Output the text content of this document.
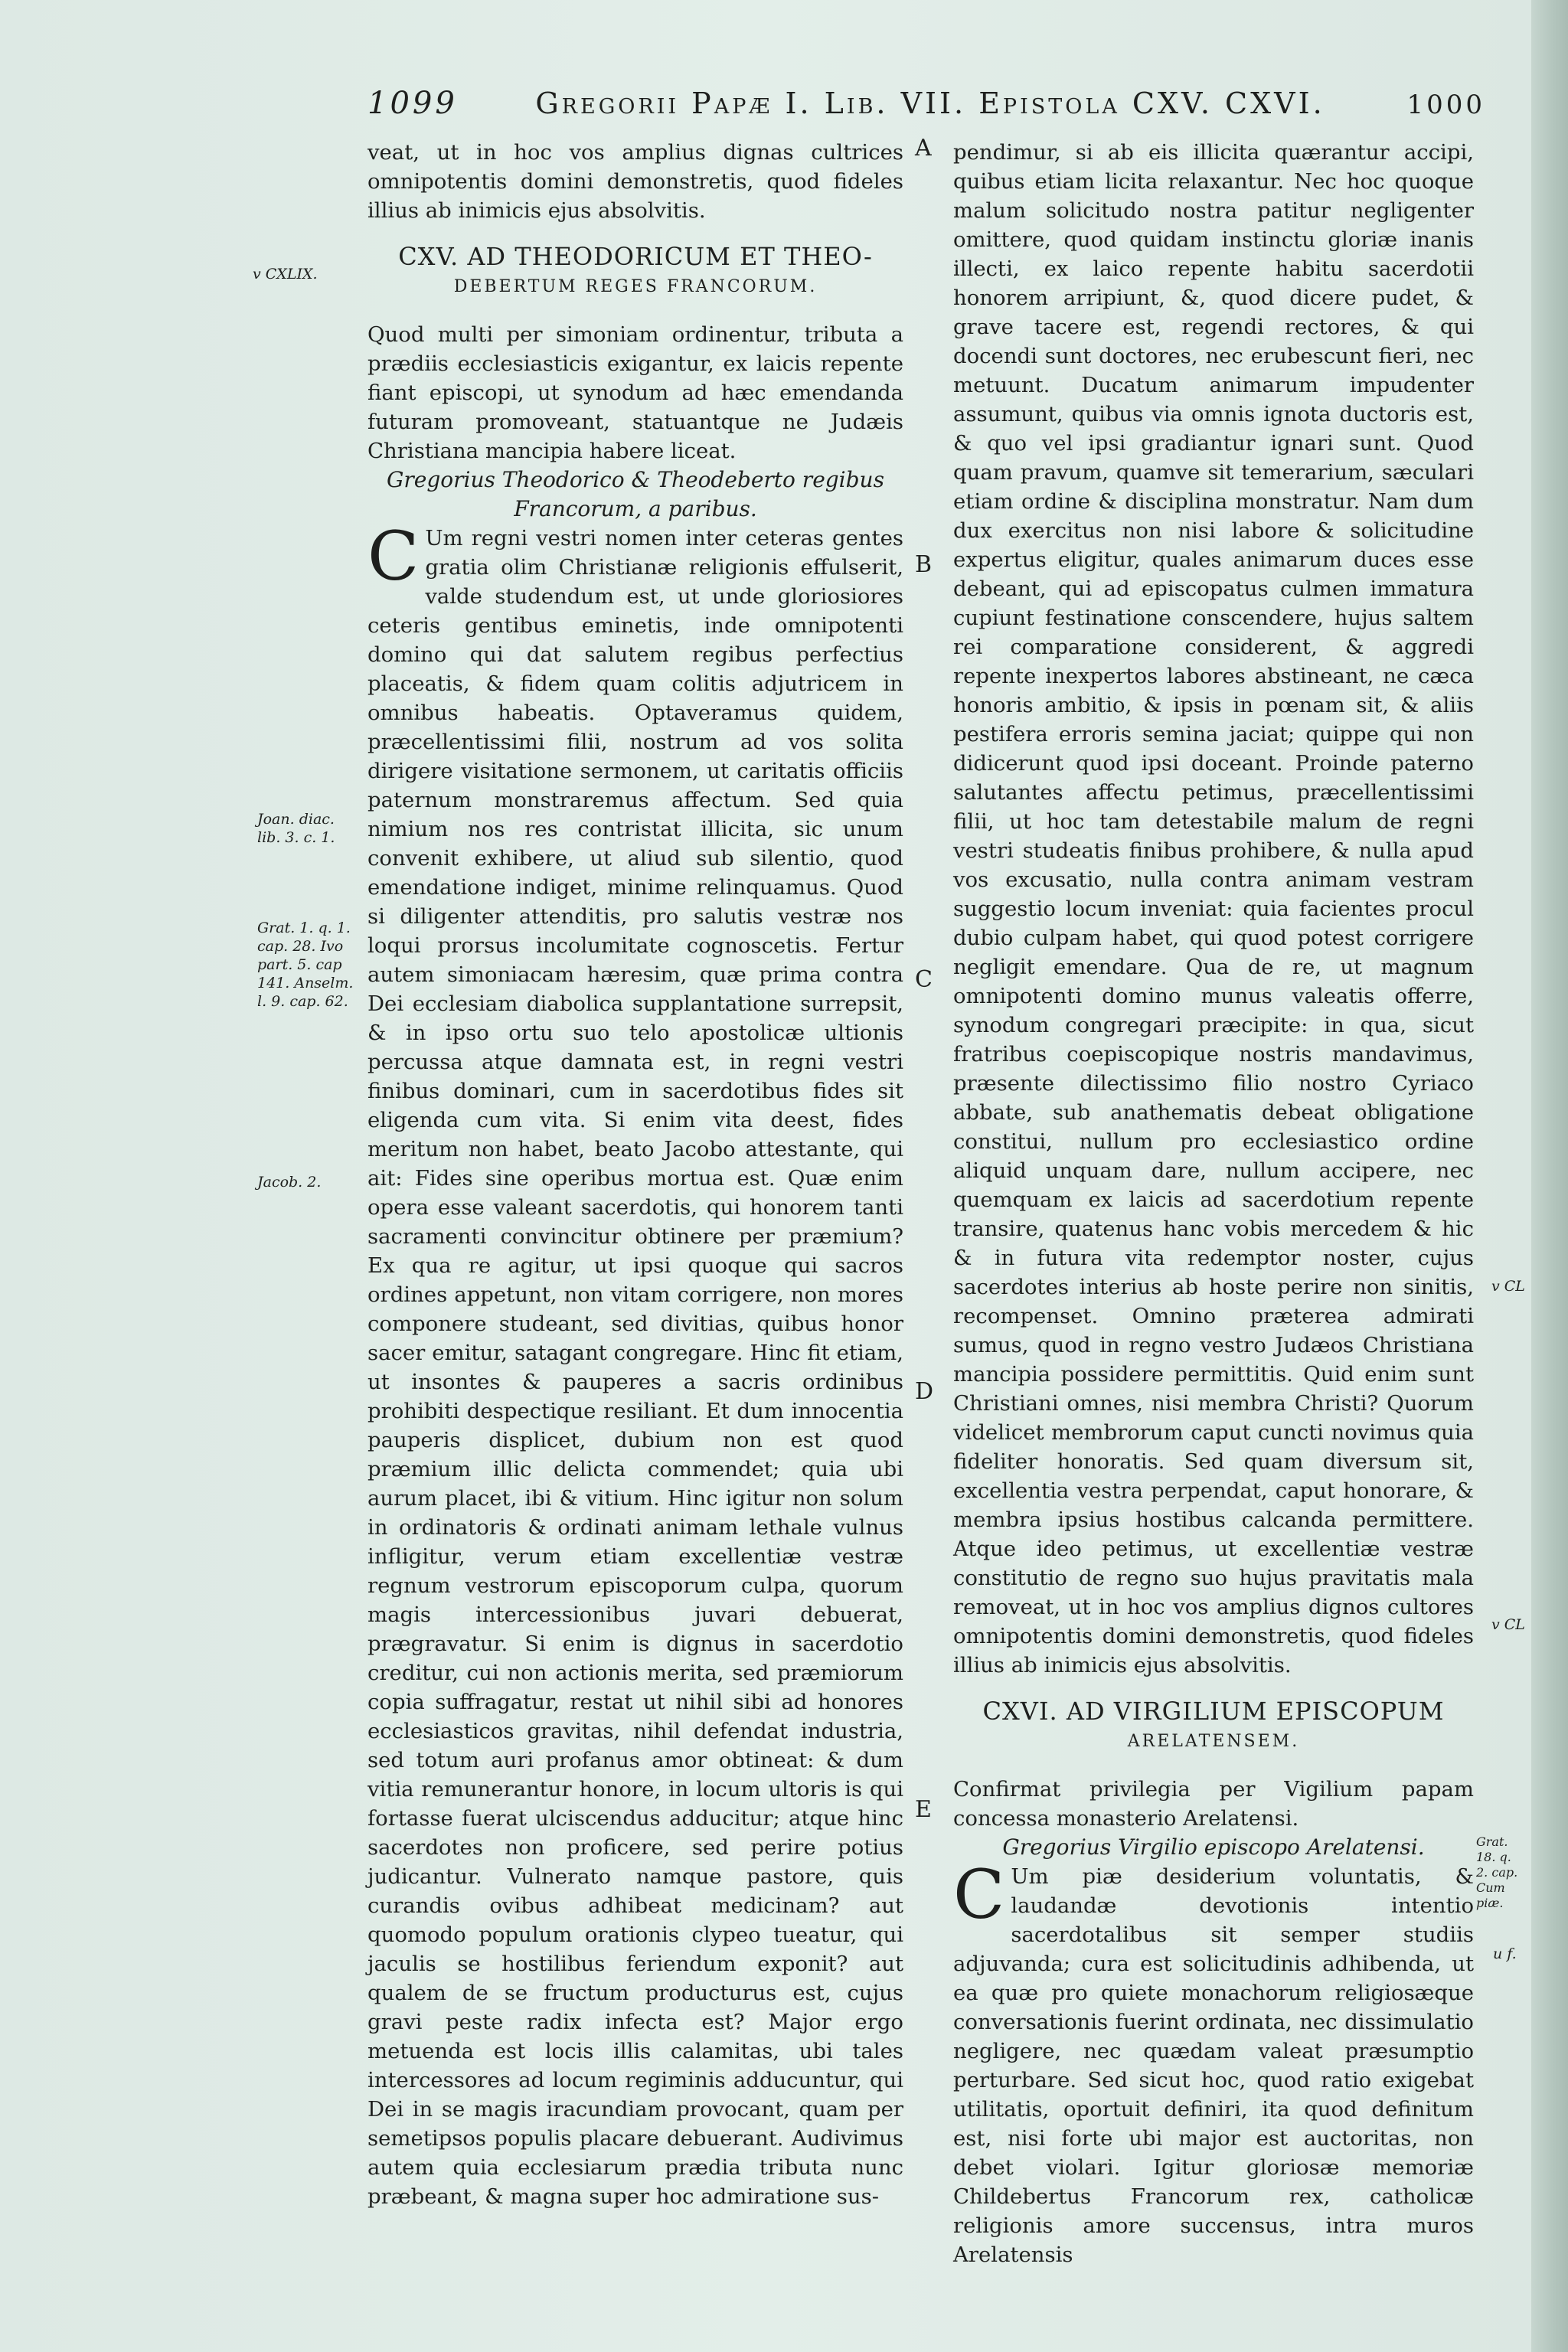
1099	Gregorii Papæ I. Lib. VII. Epistola CXV. CXVI.	1000
v CXLIX.
Joan. diac. lib. 3. c. 1.
Grat. 1. q. 1. cap. 28. Ivo part. 5. cap 141. Anselm. l. 9. cap. 62.
Jacob. 2.
v CL
v CL
Grat. 18. q. 2. cap. Cum piæ.
u f.
A
B
C
D
E

veat, ut in hoc vos amplius dignas cultrices omnipotentis domini demonstretis, quod fideles illius ab inimicis ejus absolvitis.

CXV. AD THEODORICUM ET THEO-
DEBERTUM REGES FRANCORUM.

Quod multi per simoniam ordinentur, tributa a prædiis ecclesiasticis exigantur, ex laicis repente fiant episcopi, ut synodum ad hæc emendanda futuram promoveant, statuantque ne Judæis Christiana mancipia habere liceat.

Gregorius Theodorico & Theodeberto regibus Francorum, a paribus.

C Um regni vestri nomen inter ceteras gentes gratia olim Christianæ religionis effulserit, valde studendum est, ut unde gloriosiores ceteris gentibus eminetis, inde omnipotenti domino qui dat salutem regibus perfectius placeatis, & fidem quam colitis adjutricem in omnibus habeatis. Optaveramus quidem, præcellentissimi filii, nostrum ad vos solita dirigere visitatione sermonem, ut caritatis officiis paternum monstraremus affectum. Sed quia nimium nos res contristat illicita, sic unum convenit exhibere, ut aliud sub silentio, quod emendatione indiget, minime relinquamus. Quod si diligenter attenditis, pro salutis vestræ nos loqui prorsus incolumitate cognoscetis. Fertur autem simoniacam hæresim, quæ prima contra Dei ecclesiam diabolica supplantatione surrepsit, & in ipso ortu suo telo apostolicæ ultionis percussa atque damnata est, in regni vestri finibus dominari, cum in sacerdotibus fides sit eligenda cum vita. Si enim vita deest, fides meritum non habet, beato Jacobo attestante, qui ait: Fides sine operibus mortua est. Quæ enim opera esse valeant sacerdotis, qui honorem tanti sacramenti convincitur obtinere per præmium? Ex qua re agitur, ut ipsi quoque qui sacros ordines appetunt, non vitam corrigere, non mores componere studeant, sed divitias, quibus honor sacer emitur, satagant congregare. Hinc fit etiam, ut insontes & pauperes a sacris ordinibus prohibiti despectique resiliant. Et dum innocentia pauperis displicet, dubium non est quod præmium illic delicta commendet; quia ubi aurum placet, ibi & vitium. Hinc igitur non solum in ordinatoris & ordinati animam lethale vulnus infligitur, verum etiam excellentiæ vestræ regnum vestrorum episcoporum culpa, quorum magis intercessionibus juvari debuerat, prægravatur. Si enim is dignus in sacerdotio creditur, cui non actionis merita, sed præmiorum copia suffragatur, restat ut nihil sibi ad honores ecclesiasticos gravitas, nihil defendat industria, sed totum auri profanus amor obtineat: & dum vitia remunerantur honore, in locum ultoris is qui fortasse fuerat ulciscendus adducitur; atque hinc sacerdotes non proficere, sed perire potius judicantur. Vulnerato namque pastore, quis curandis ovibus adhibeat medicinam? aut quomodo populum orationis clypeo tueatur, qui jaculis se hostilibus feriendum exponit? aut qualem de se fructum producturus est, cujus gravi peste radix infecta est? Major ergo metuenda est locis illis calamitas, ubi tales intercessores ad locum regiminis adducuntur, qui Dei in se magis iracundiam provocant, quam per semetipsos populis placare debuerant. Audivimus autem quia ecclesiarum prædia tributa nunc præbeant, & magna super hoc admiratione sus-

pendimur, si ab eis illicita quærantur accipi, quibus etiam licita relaxantur. Nec hoc quoque malum solicitudo nostra patitur negligenter omittere, quod quidam instinctu gloriæ inanis illecti, ex laico repente habitu sacerdotii honorem arripiunt, &, quod dicere pudet, & grave tacere est, regendi rectores, & qui docendi sunt doctores, nec erubescunt fieri, nec metuunt. Ducatum animarum impudenter assumunt, quibus via omnis ignota ductoris est, & quo vel ipsi gradiantur ignari sunt. Quod quam pravum, quamve sit temerarium, sæculari etiam ordine & disciplina monstratur. Nam dum dux exercitus non nisi labore & solicitudine expertus eligitur, quales animarum duces esse debeant, qui ad episcopatus culmen immatura cupiunt festinatione conscendere, hujus saltem rei comparatione considerent, & aggredi repente inexpertos labores abstineant, ne cæca honoris ambitio, & ipsis in pœnam sit, & aliis pestifera erroris semina jaciat; quippe qui non didicerunt quod ipsi doceant. Proinde paterno salutantes affectu petimus, præcellentissimi filii, ut hoc tam detestabile malum de regni vestri studeatis finibus prohibere, & nulla apud vos excusatio, nulla contra animam vestram suggestio locum inveniat: quia facientes procul dubio culpam habet, qui quod potest corrigere negligit emendare. Qua de re, ut magnum omnipotenti domino munus valeatis offerre, synodum congregari præcipite: in qua, sicut fratribus coepiscopique nostris mandavimus, præsente dilectissimo filio nostro Cyriaco abbate, sub anathematis debeat obligatione constitui, nullum pro ecclesiastico ordine aliquid unquam dare, nullum accipere, nec quemquam ex laicis ad sacerdotium repente transire, quatenus hanc vobis mercedem & hic & in futura vita redemptor noster, cujus sacerdotes interius ab hoste perire non sinitis, recompenset. Omnino præterea admirati sumus, quod in regno vestro Judæos Christiana mancipia possidere permittitis. Quid enim sunt Christiani omnes, nisi membra Christi? Quorum videlicet membrorum caput cuncti novimus quia fideliter honoratis. Sed quam diversum sit, excellentia vestra perpendat, caput honorare, & membra ipsius hostibus calcanda permittere. Atque ideo petimus, ut excellentiæ vestræ constitutio de regno suo hujus pravitatis mala removeat, ut in hoc vos amplius dignos cultores omnipotentis domini demonstretis, quod fideles illius ab inimicis ejus absolvitis.

CXVI. AD VIRGILIUM EPISCOPUM
ARELATENSEM.

Confirmat privilegia per Vigilium papam concessa monasterio Arelatensi.

Gregorius Virgilio episcopo Arelatensi.

C Um piæ desiderium voluntatis, & laudandæ devotionis intentio sacerdotalibus sit semper studiis adjuvanda; cura est solicitudinis adhibenda, ut ea quæ pro quiete monachorum religiosæque conversationis fuerint ordinata, nec dissimulatio negligere, nec quædam valeat præsumptio perturbare. Sed sicut hoc, quod ratio exigebat utilitatis, oportuit definiri, ita quod definitum est, nisi forte ubi major est auctoritas, non debet violari. Igitur gloriosæ memoriæ Childebertus Francorum rex, catholicæ religionis amore succensus, intra muros Arelatensis
